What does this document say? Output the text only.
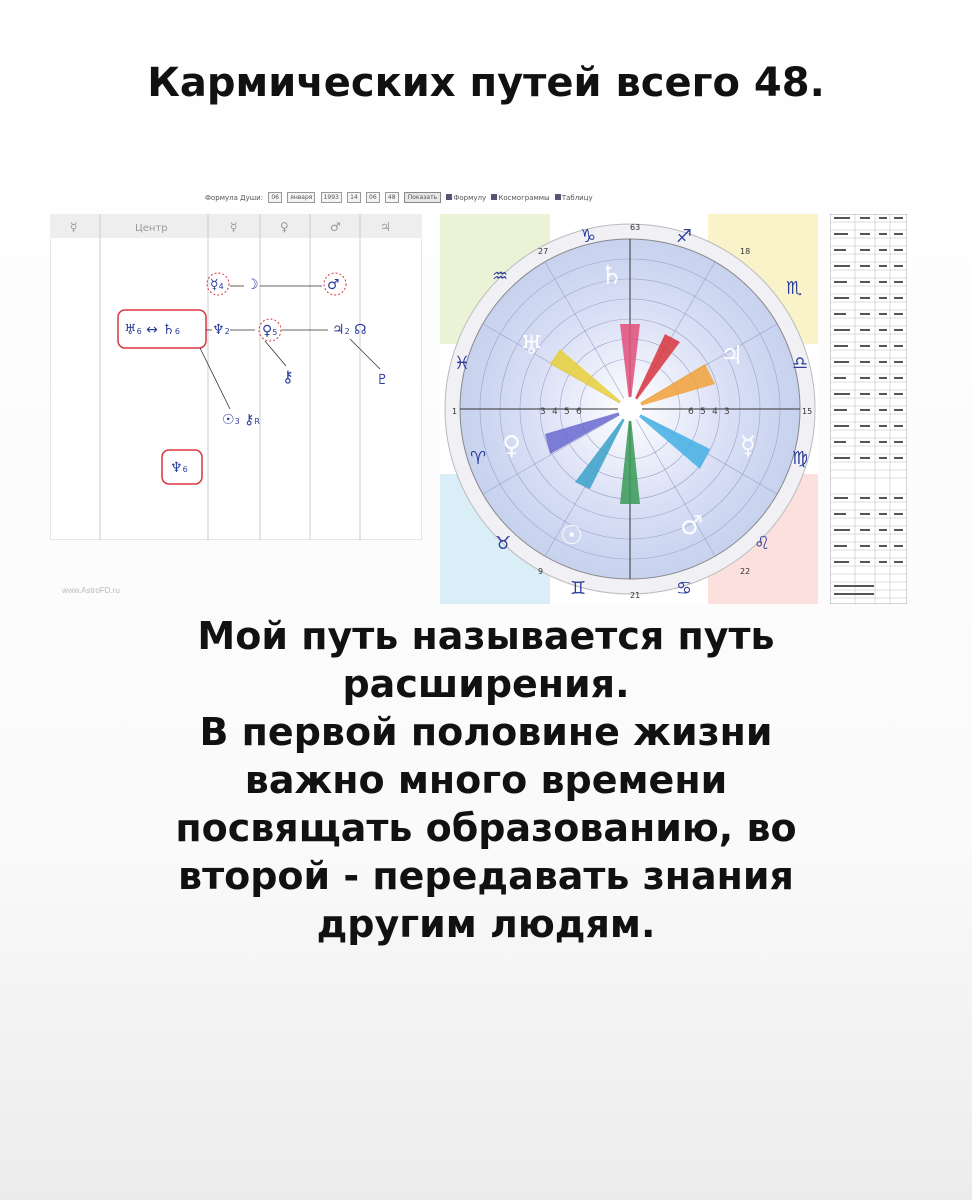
Кармических путей всего 48.
Формула Души: 06 января 1993 14 06 48 Показать Формулу Космограммы Таблицу
☿	Центр	☿	♀	♂	♃
♅6 ↔ ♄6 ♆2 ♀5	♃2 ☊
☿4 ☽	♂
⚷	♇
☉3 ⚷R
♆6
♈
♉
♊	♋
♌
♍
♎
♏
♐
♑
♒
♓
63
21
27	18
1	15
9	22
3 4 5 6	6 5 4 3
♄
♅
♀
☉	♂
♃
☿
www.AstroFD.ru
Мой путь называется путь
расширения.
В первой половине жизни
важно много времени
посвящать образованию, во
второй - передавать знания
другим людям.
